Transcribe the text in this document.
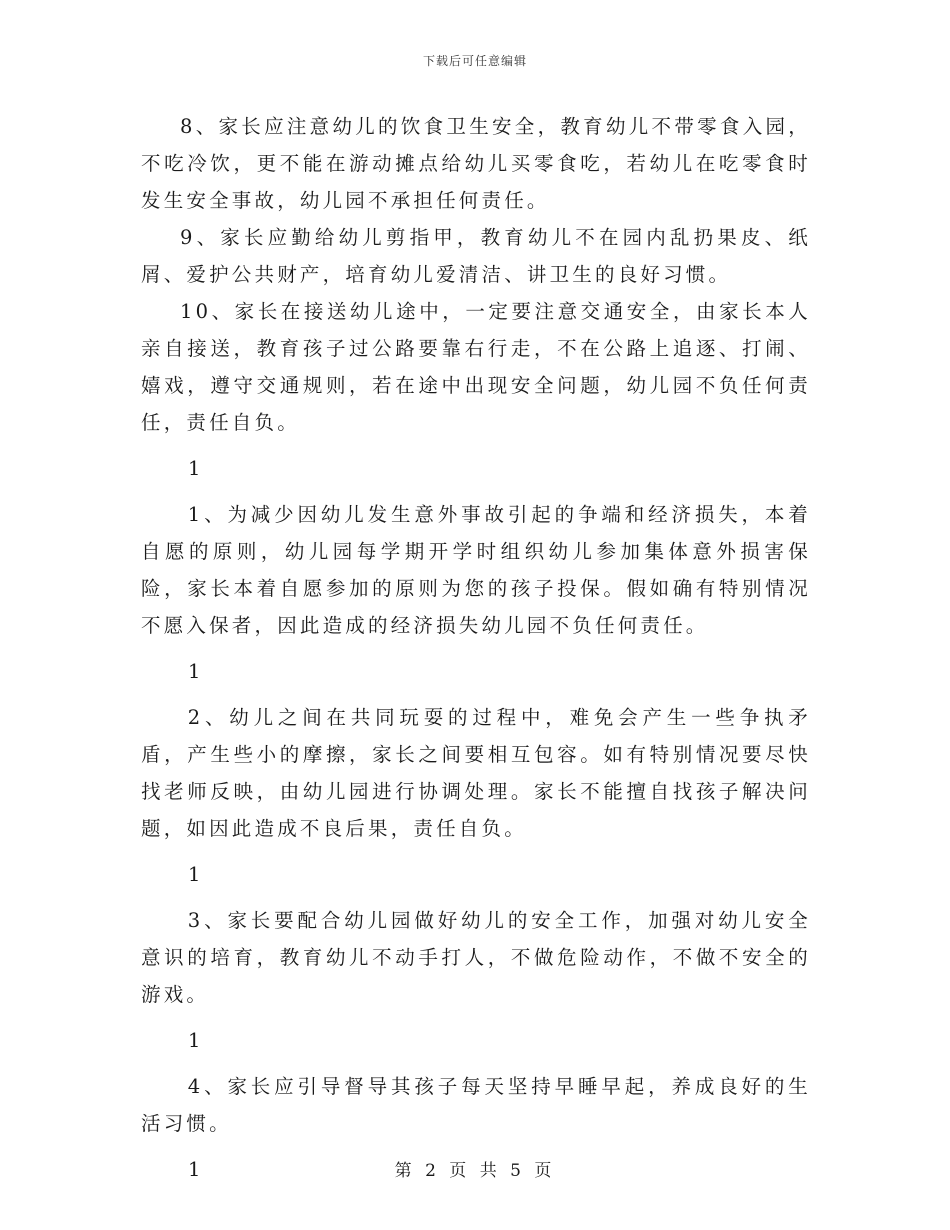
下载后可任意编辑

8、家长应注意幼儿的饮食卫生安全，教育幼儿不带零食入园，不吃冷饮，更不能在游动摊点给幼儿买零食吃，若幼儿在吃零食时发生安全事故，幼儿园不承担任何责任。

9、家长应勤给幼儿剪指甲，教育幼儿不在园内乱扔果皮、纸屑、爱护公共财产，培育幼儿爱清洁、讲卫生的良好习惯。

10、家长在接送幼儿途中，一定要注意交通安全，由家长本人亲自接送，教育孩子过公路要靠右行走，不在公路上追逐、打闹、嬉戏，遵守交通规则，若在途中出现安全问题，幼儿园不负任何责任，责任自负。

1

1、为减少因幼儿发生意外事故引起的争端和经济损失，本着自愿的原则，幼儿园每学期开学时组织幼儿参加集体意外损害保险，家长本着自愿参加的原则为您的孩子投保。假如确有特别情况不愿入保者，因此造成的经济损失幼儿园不负任何责任。

1

2、幼儿之间在共同玩耍的过程中，难免会产生一些争执矛盾，产生些小的摩擦，家长之间要相互包容。如有特别情况要尽快找老师反映，由幼儿园进行协调处理。家长不能擅自找孩子解决问题，如因此造成不良后果，责任自负。

1

3、家长要配合幼儿园做好幼儿的安全工作，加强对幼儿安全意识的培育，教育幼儿不动手打人，不做危险动作，不做不安全的游戏。

1

4、家长应引导督导其孩子每天坚持早睡早起，养成良好的生活习惯。

1	第 2 页 共 5 页
